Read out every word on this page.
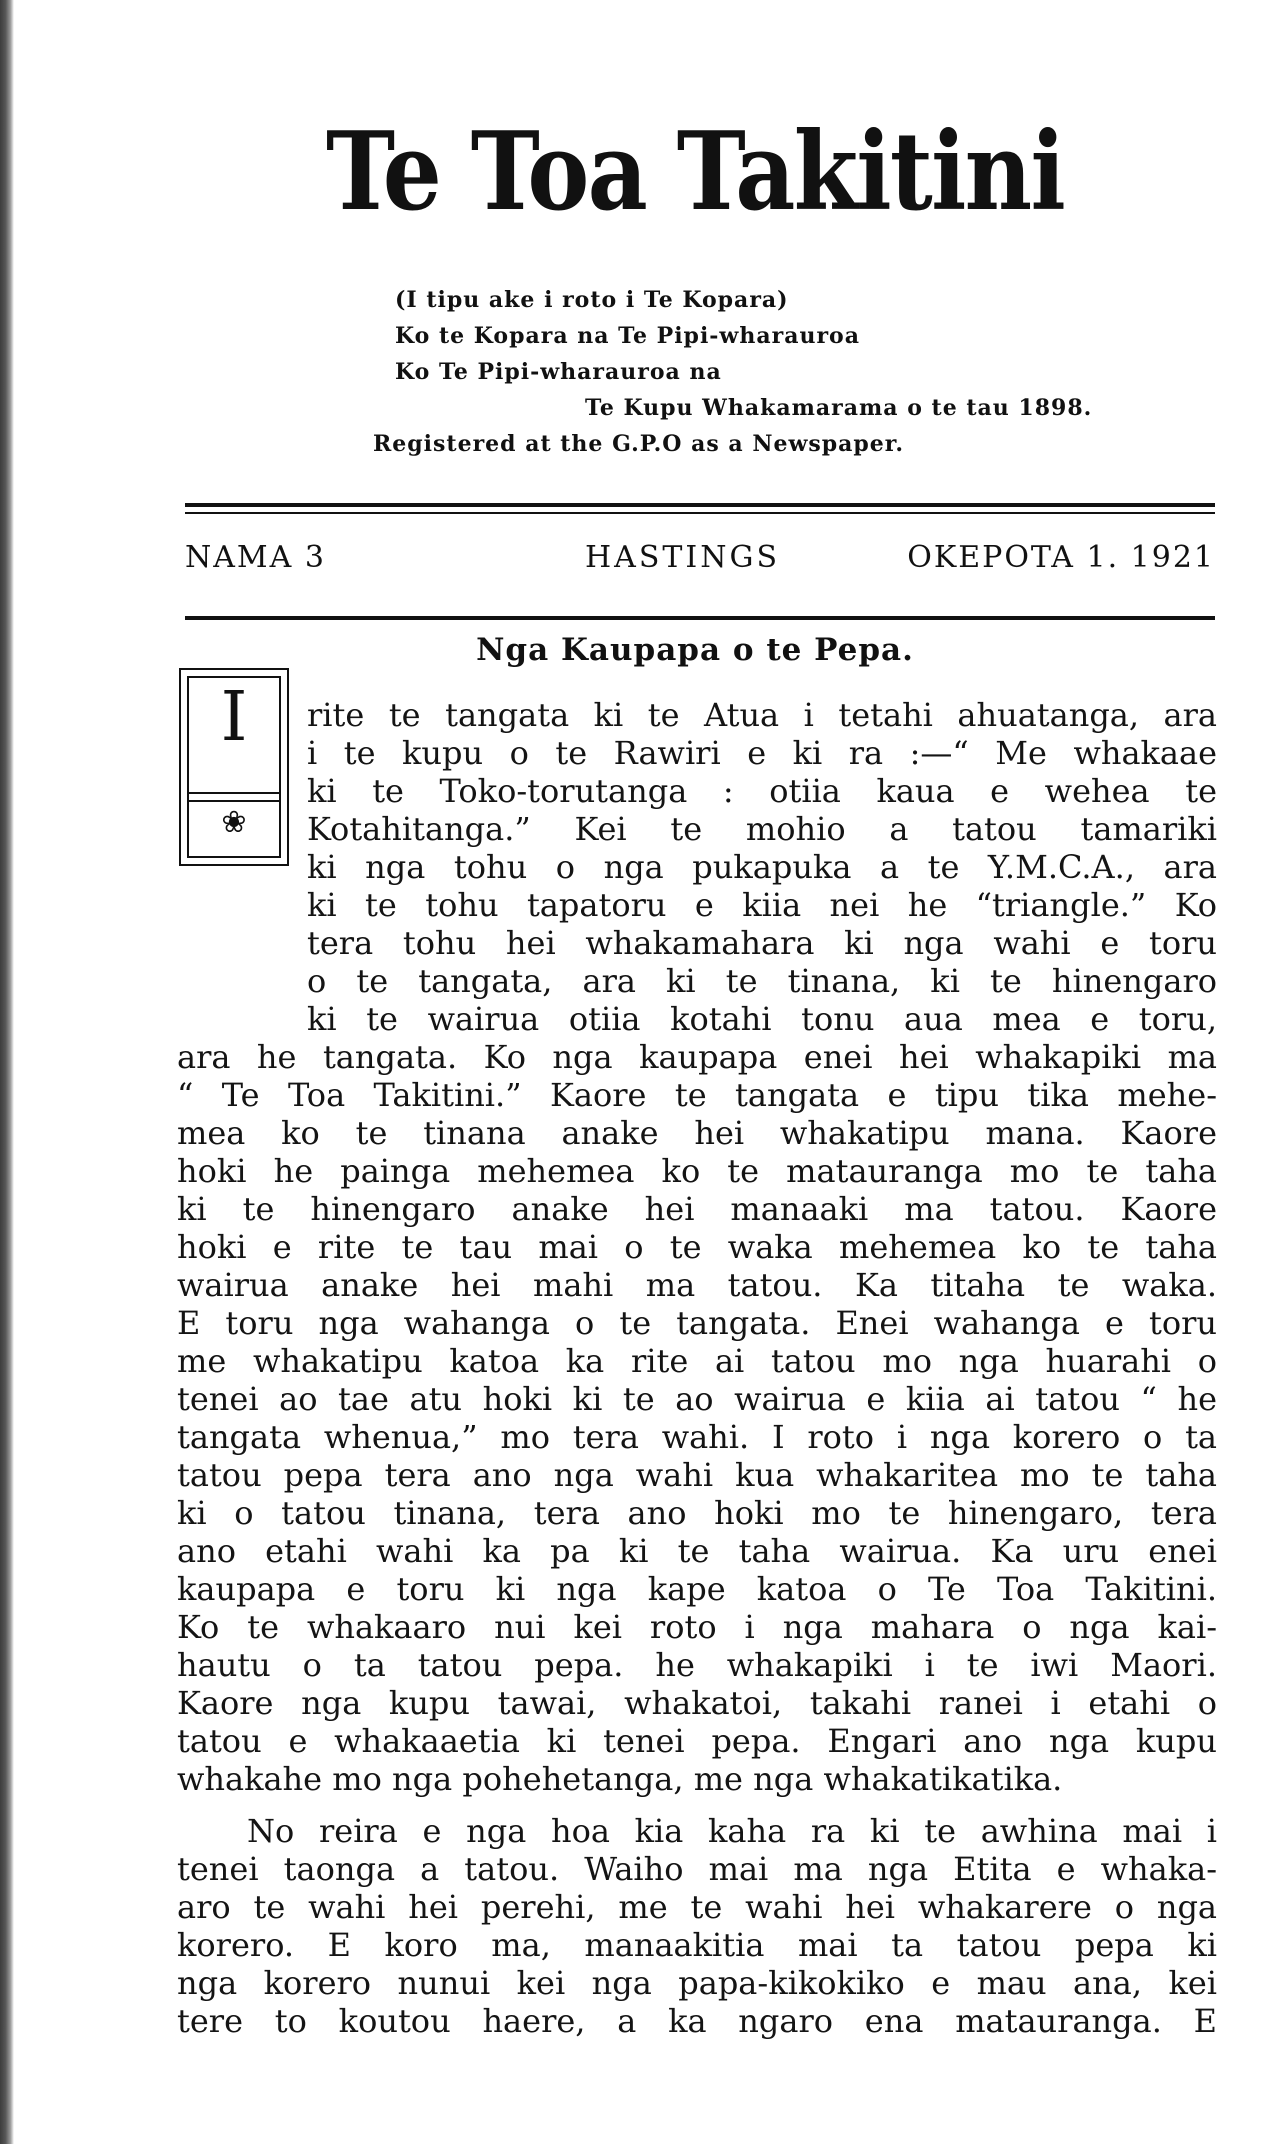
Te Toa Takitini
(I tipu ake i roto i Te Kopara)
Ko te Kopara na Te Pipi-wharauroa
Ko Te Pipi-wharauroa na
Te Kupu Whakamarama o te tau 1898.
Registered at the G.P.O as a Newspaper.
NAMA 3	HASTINGS	OKEPOTA 1. 1921
Nga Kaupapa o te Pepa.
I
❀
rite te tangata ki te Atua i tetahi ahuatanga, ara
i te kupu o te Rawiri e ki ra :—“ Me whakaae
ki te Toko-torutanga : otiia kaua e wehea te
Kotahitanga.” Kei te mohio a tatou tamariki
ki nga tohu o nga pukapuka a te Y.M.C.A., ara
ki te tohu tapatoru e kiia nei he “triangle.” Ko
tera tohu hei whakamahara ki nga wahi e toru
o te tangata, ara ki te tinana, ki te hinengaro
ki te wairua otiia kotahi tonu aua mea e toru,
ara he tangata. Ko nga kaupapa enei hei whakapiki ma
“ Te Toa Takitini.” Kaore te tangata e tipu tika mehe-
mea ko te tinana anake hei whakatipu mana. Kaore
hoki he painga mehemea ko te matauranga mo te taha
ki te hinengaro anake hei manaaki ma tatou. Kaore
hoki e rite te tau mai o te waka mehemea ko te taha
wairua anake hei mahi ma tatou. Ka titaha te waka.
E toru nga wahanga o te tangata. Enei wahanga e toru
me whakatipu katoa ka rite ai tatou mo nga huarahi o
tenei ao tae atu hoki ki te ao wairua e kiia ai tatou “ he
tangata whenua,” mo tera wahi. I roto i nga korero o ta
tatou pepa tera ano nga wahi kua whakaritea mo te taha
ki o tatou tinana, tera ano hoki mo te hinengaro, tera
ano etahi wahi ka pa ki te taha wairua. Ka uru enei
kaupapa e toru ki nga kape katoa o Te Toa Takitini.
Ko te whakaaro nui kei roto i nga mahara o nga kai-
hautu o ta tatou pepa. he whakapiki i te iwi Maori.
Kaore nga kupu tawai, whakatoi, takahi ranei i etahi o
tatou e whakaaetia ki tenei pepa. Engari ano nga kupu
whakahe mo nga pohehetanga, me nga whakatikatika.
No reira e nga hoa kia kaha ra ki te awhina mai i
tenei taonga a tatou. Waiho mai ma nga Etita e whaka-
aro te wahi hei perehi, me te wahi hei whakarere o nga
korero. E koro ma, manaakitia mai ta tatou pepa ki
nga korero nunui kei nga papa-kikokiko e mau ana, kei
tere to koutou haere, a ka ngaro ena matauranga. E
